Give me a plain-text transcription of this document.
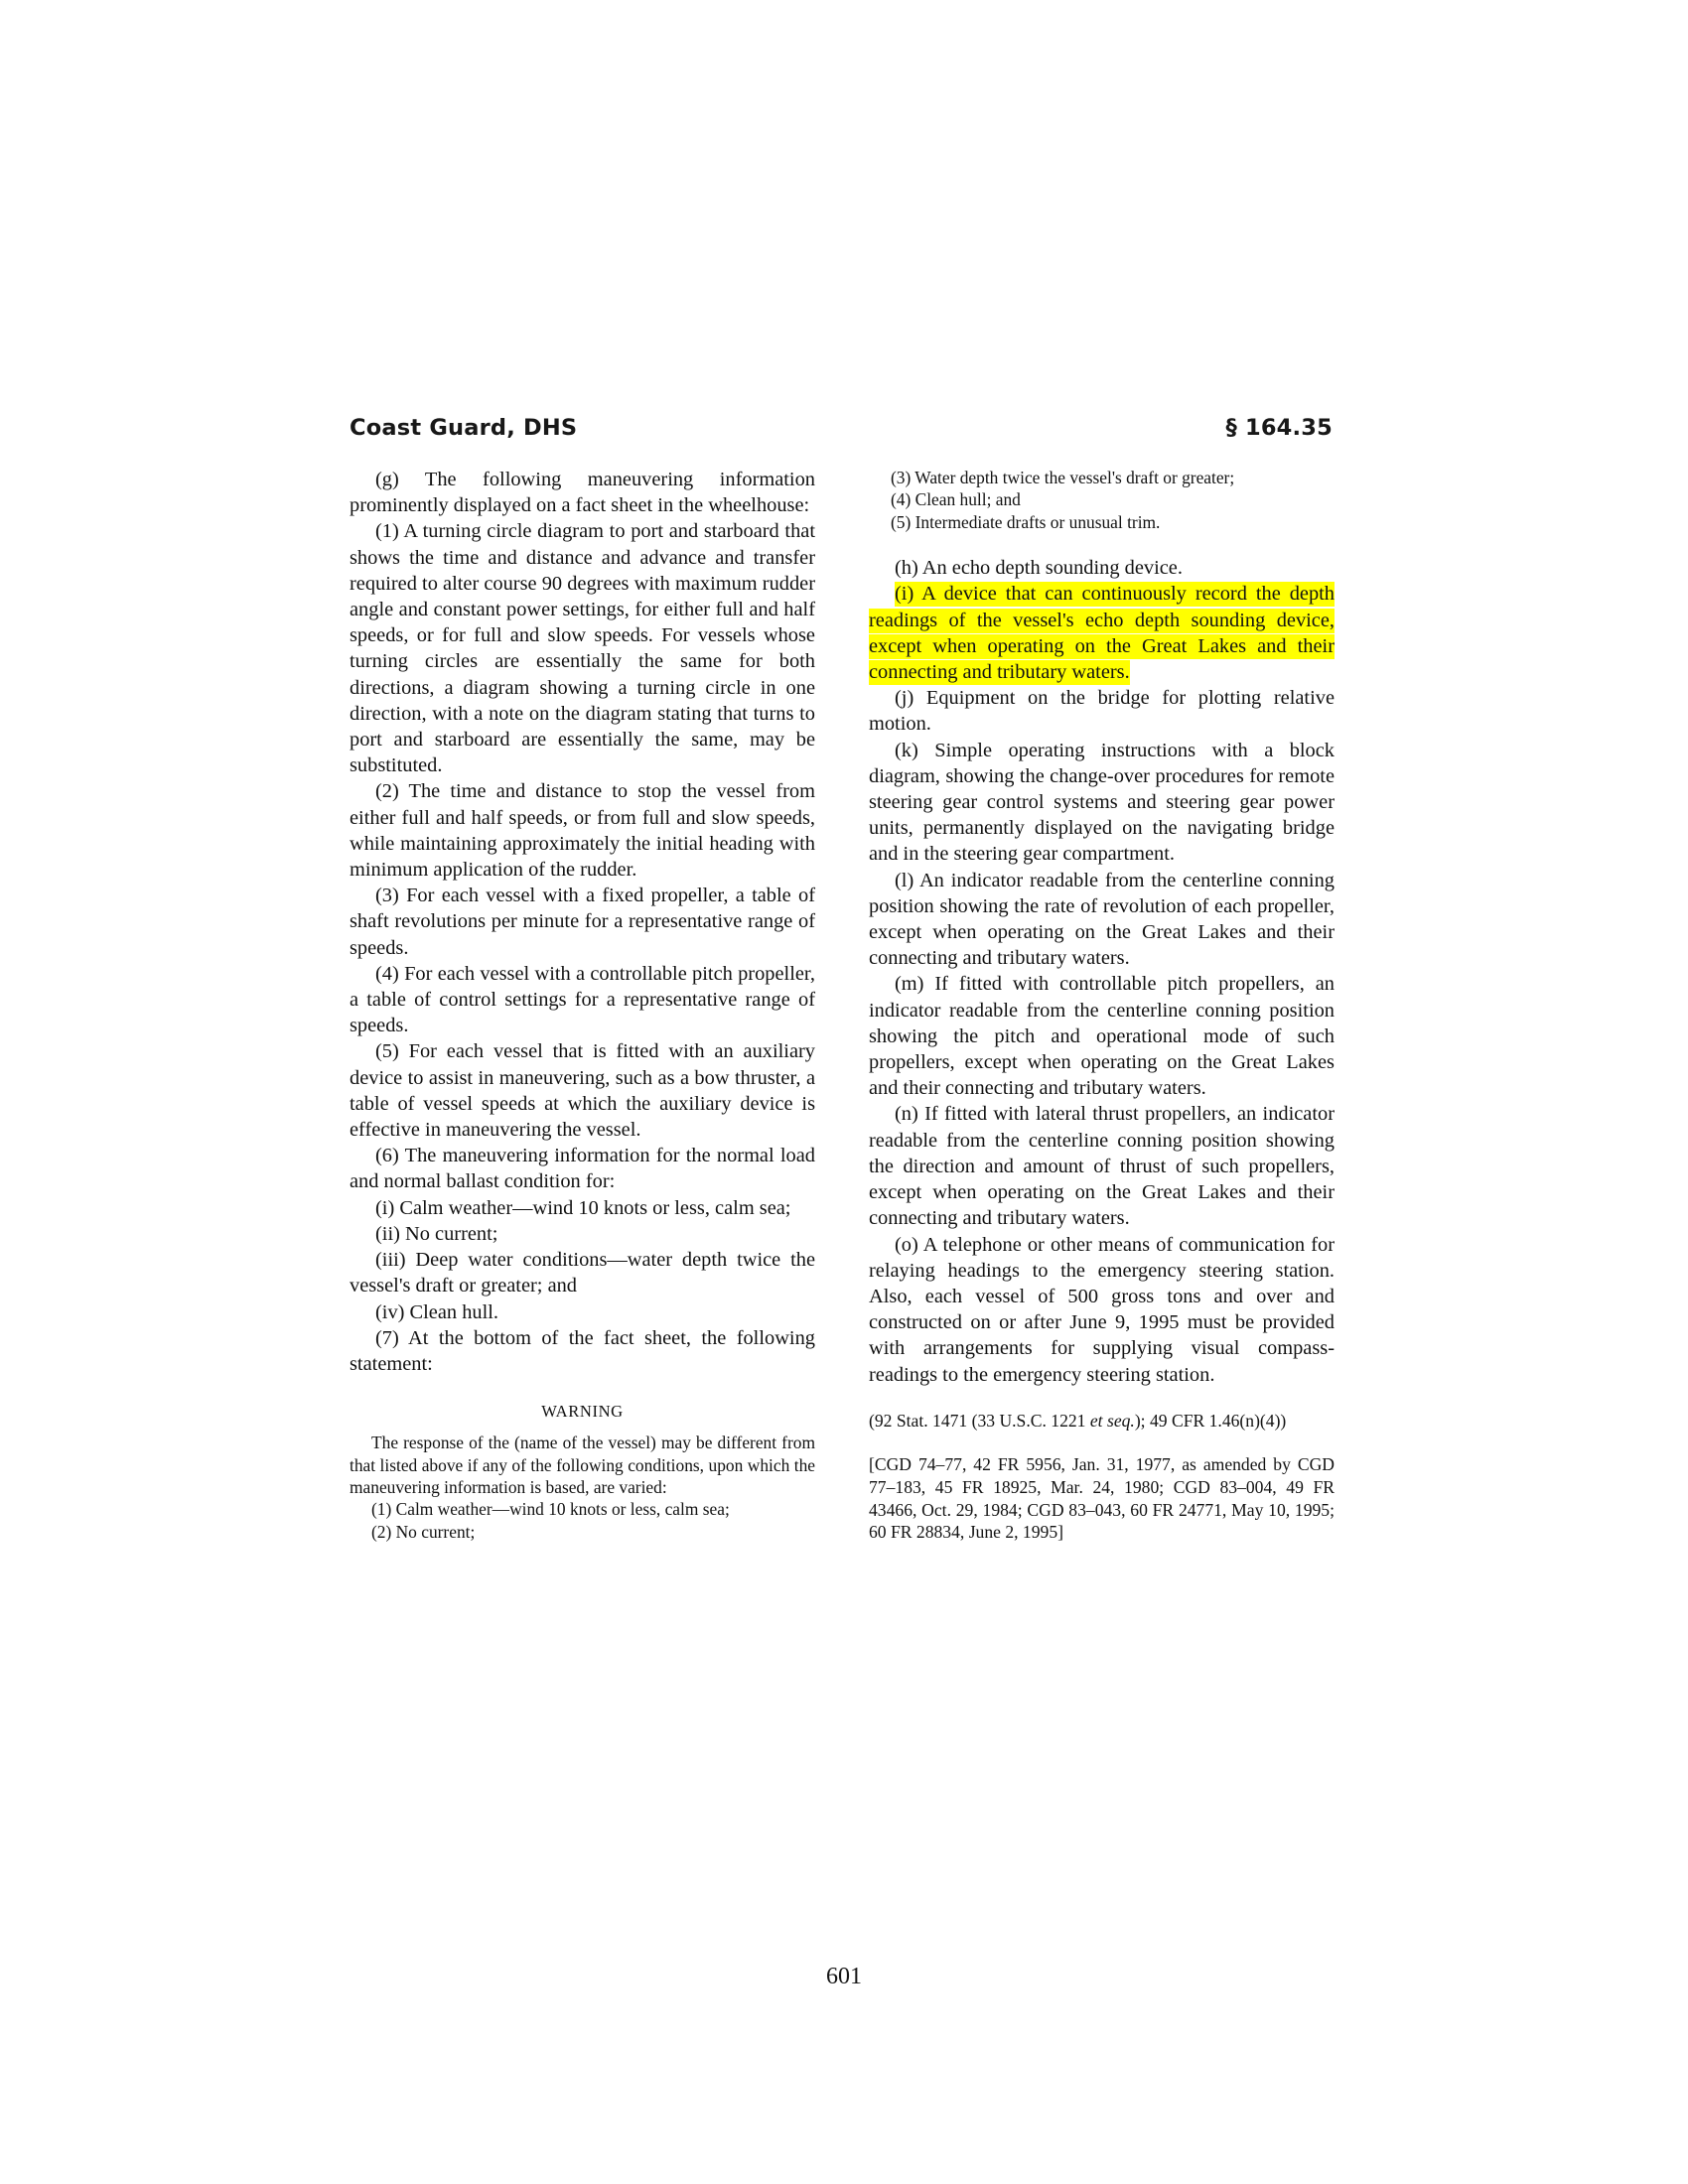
Coast Guard, DHS	§ 164.35

(g) The following maneuvering information prominently displayed on a fact sheet in the wheelhouse:

(1) A turning circle diagram to port and starboard that shows the time and distance and advance and transfer required to alter course 90 degrees with maximum rudder angle and constant power settings, for either full and half speeds, or for full and slow speeds. For vessels whose turning circles are essentially the same for both directions, a diagram showing a turning circle in one direction, with a note on the diagram stating that turns to port and starboard are essentially the same, may be substituted.

(2) The time and distance to stop the vessel from either full and half speeds, or from full and slow speeds, while maintaining approximately the initial heading with minimum application of the rudder.

(3) For each vessel with a fixed propeller, a table of shaft revolutions per minute for a representative range of speeds.

(4) For each vessel with a controllable pitch propeller, a table of control settings for a representative range of speeds.

(5) For each vessel that is fitted with an auxiliary device to assist in maneuvering, such as a bow thruster, a table of vessel speeds at which the auxiliary device is effective in maneuvering the vessel.

(6) The maneuvering information for the normal load and normal ballast condition for:

(i) Calm weather—wind 10 knots or less, calm sea;

(ii) No current;

(iii) Deep water conditions—water depth twice the vessel's draft or greater; and

(iv) Clean hull.

(7) At the bottom of the fact sheet, the following statement:

WARNING

The response of the (name of the vessel) may be different from that listed above if any of the following conditions, upon which the maneuvering information is based, are varied:

(1) Calm weather—wind 10 knots or less, calm sea;

(2) No current;

(3) Water depth twice the vessel's draft or greater;

(4) Clean hull; and

(5) Intermediate drafts or unusual trim.

(h) An echo depth sounding device.

(i) A device that can continuously record the depth readings of the vessel's echo depth sounding device, except when operating on the Great Lakes and their connecting and tributary waters.

(j) Equipment on the bridge for plotting relative motion.

(k) Simple operating instructions with a block diagram, showing the change-over procedures for remote steering gear control systems and steering gear power units, permanently displayed on the navigating bridge and in the steering gear compartment.

(l) An indicator readable from the centerline conning position showing the rate of revolution of each propeller, except when operating on the Great Lakes and their connecting and tributary waters.

(m) If fitted with controllable pitch propellers, an indicator readable from the centerline conning position showing the pitch and operational mode of such propellers, except when operating on the Great Lakes and their connecting and tributary waters.

(n) If fitted with lateral thrust propellers, an indicator readable from the centerline conning position showing the direction and amount of thrust of such propellers, except when operating on the Great Lakes and their connecting and tributary waters.

(o) A telephone or other means of communication for relaying headings to the emergency steering station. Also, each vessel of 500 gross tons and over and constructed on or after June 9, 1995 must be provided with arrangements for supplying visual compass-readings to the emergency steering station.

(92 Stat. 1471 (33 U.S.C. 1221 et seq.); 49 CFR 1.46(n)(4))

[CGD 74–77, 42 FR 5956, Jan. 31, 1977, as amended by CGD 77–183, 45 FR 18925, Mar. 24, 1980; CGD 83–004, 49 FR 43466, Oct. 29, 1984; CGD 83–043, 60 FR 24771, May 10, 1995; 60 FR 28834, June 2, 1995]

601
